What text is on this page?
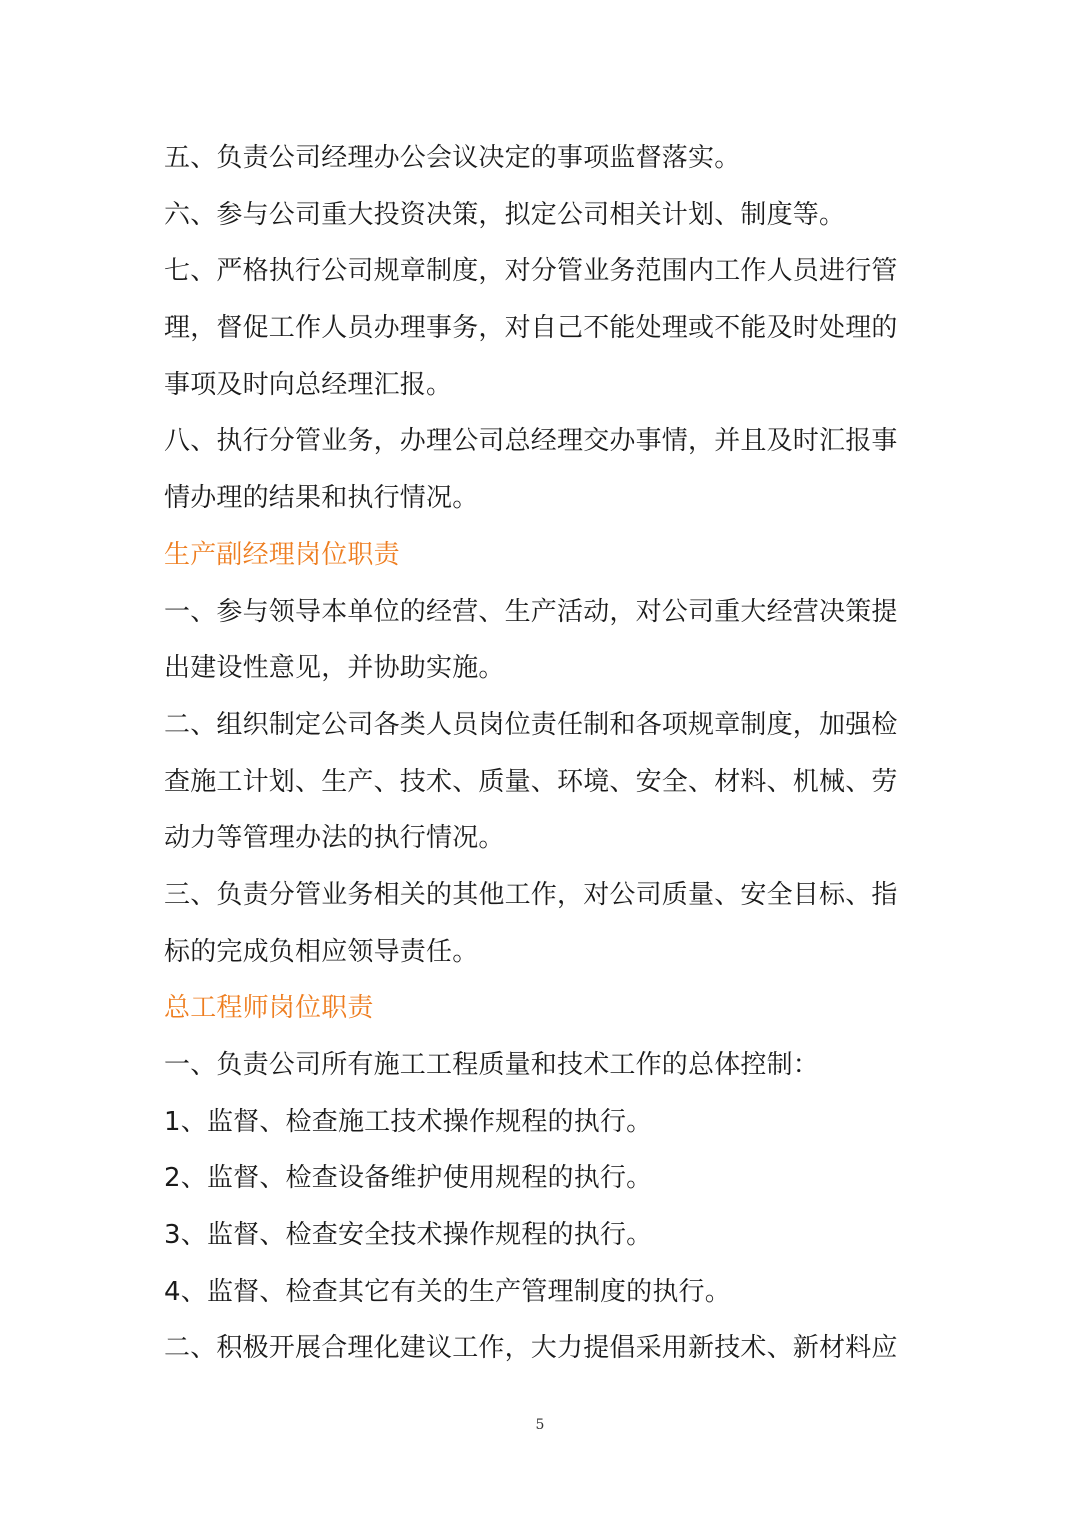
五、负责公司经理办公会议决定的事项监督落实。
六、参与公司重大投资决策，拟定公司相关计划、制度等。
七、严格执行公司规章制度，对分管业务范围内工作人员进行管
理，督促工作人员办理事务，对自己不能处理或不能及时处理的
事项及时向总经理汇报。
八、执行分管业务，办理公司总经理交办事情，并且及时汇报事
情办理的结果和执行情况。
生产副经理岗位职责
一、参与领导本单位的经营、生产活动，对公司重大经营决策提
出建设性意见，并协助实施。
二、组织制定公司各类人员岗位责任制和各项规章制度，加强检
查施工计划、生产、技术、质量、环境、安全、材料、机械、劳
动力等管理办法的执行情况。
三、负责分管业务相关的其他工作，对公司质量、安全目标、指
标的完成负相应领导责任。
总工程师岗位职责
一、负责公司所有施工工程质量和技术工作的总体控制：
1、监督、检查施工技术操作规程的执行。
2、监督、检查设备维护使用规程的执行。
3、监督、检查安全技术操作规程的执行。
4、监督、检查其它有关的生产管理制度的执行。
二、积极开展合理化建议工作，大力提倡采用新技术、新材料应
5
